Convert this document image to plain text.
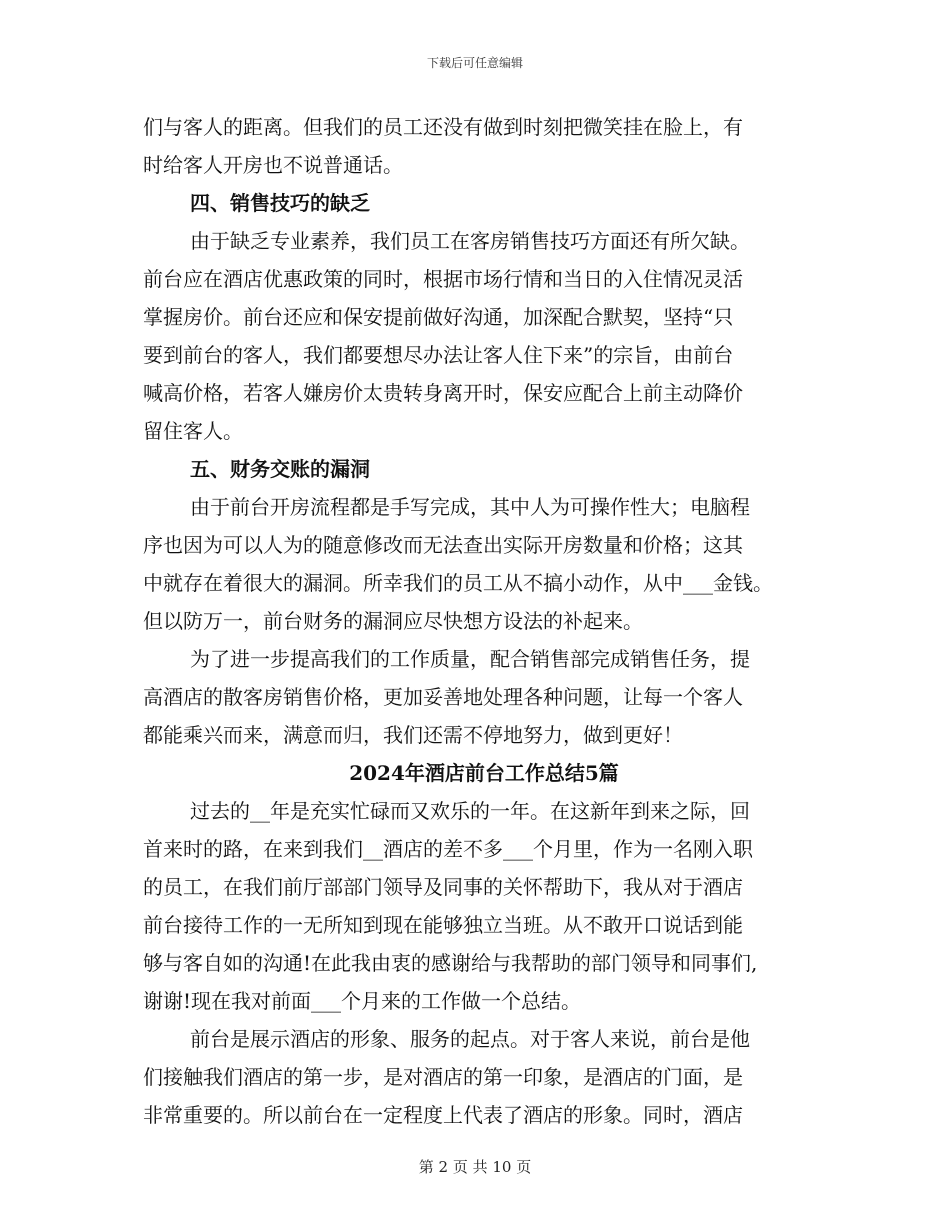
下载后可任意编辑
们与客人的距离。但我们的员工还没有做到时刻把微笑挂在脸上，有
时给客人开房也不说普通话。
四、销售技巧的缺乏
由于缺乏专业素养，我们员工在客房销售技巧方面还有所欠缺。
前台应在酒店优惠政策的同时，根据市场行情和当日的入住情况灵活
掌握房价。前台还应和保安提前做好沟通，加深配合默契，坚持“只
要到前台的客人，我们都要想尽办法让客人住下来”的宗旨，由前台
喊高价格，若客人嫌房价太贵转身离开时，保安应配合上前主动降价
留住客人。
五、财务交账的漏洞
由于前台开房流程都是手写完成，其中人为可操作性大；电脑程
序也因为可以人为的随意修改而无法查出实际开房数量和价格；这其
中就存在着很大的漏洞。所幸我们的员工从不搞小动作，从中___金钱。
但以防万一，前台财务的漏洞应尽快想方设法的补起来。
为了进一步提高我们的工作质量，配合销售部完成销售任务，提
高酒店的散客房销售价格，更加妥善地处理各种问题，让每一个客人
都能乘兴而来，满意而归，我们还需不停地努力，做到更好！
2024年酒店前台工作总结5篇
过去的__年是充实忙碌而又欢乐的一年。在这新年到来之际，回
首来时的路，在来到我们__酒店的差不多___个月里，作为一名刚入职
的员工，在我们前厅部部门领导及同事的关怀帮助下，我从对于酒店
前台接待工作的一无所知到现在能够独立当班。从不敢开口说话到能
够与客自如的沟通!在此我由衷的感谢给与我帮助的部门领导和同事们,
谢谢!现在我对前面___个月来的工作做一个总结。
前台是展示酒店的形象、服务的起点。对于客人来说，前台是他
们接触我们酒店的第一步，是对酒店的第一印象，是酒店的门面，是
非常重要的。所以前台在一定程度上代表了酒店的形象。同时，酒店
第 2 页 共 10 页
